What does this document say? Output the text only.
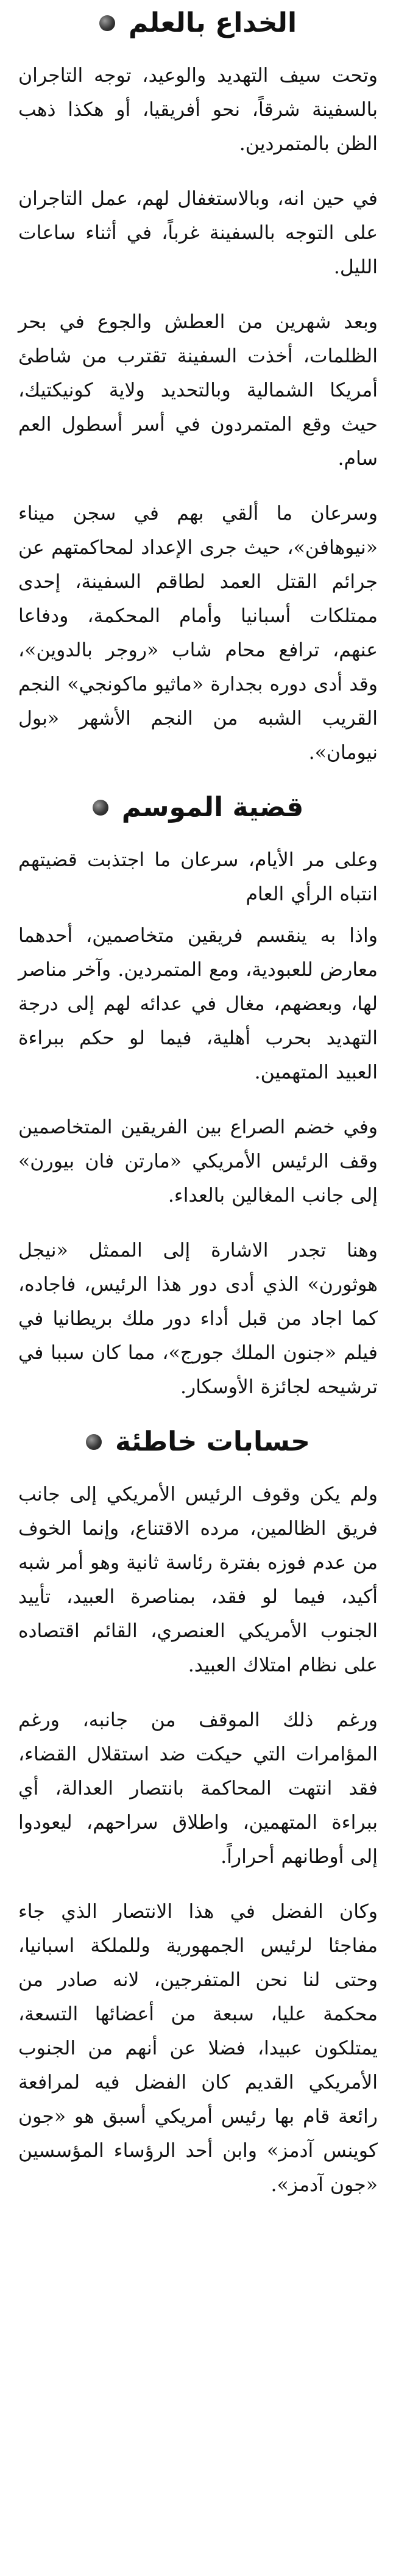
الخداع بالعلم

وتحت سيف التهديد والوعيد، توجه التاجران بالسفينة شرقاً، نحو أفريقيا، أو هكذا ذهب الظن بالمتمردين.

في حين انه، وبالاستغفال لهم، عمل التاجران على التوجه بالسفينة غرباً، في أثناء ساعات الليل.

وبعد شهرين من العطش والجوع في بحر الظلمات، أخذت السفينة تقترب من شاطئ أمريكا الشمالية وبالتحديد ولاية كونيكتيك، حيث وقع المتمردون في أسر أسطول العم سام.

وسرعان ما ألقي بهم في سجن ميناء «نيوهافن»، حيث جرى الإعداد لمحاكمتهم عن جرائم القتل العمد لطاقم السفينة، إحدى ممتلكات أسبانيا وأمام المحكمة، ودفاعا عنهم، ترافع محام شاب «روجر بالدوين»، وقد أدى دوره بجدارة «ماثيو ماكونجي» النجم القريب الشبه من النجم الأشهر «بول نيومان».

قضية الموسم

وعلى مر الأيام، سرعان ما اجتذبت قضيتهم انتباه الرأي العام

واذا به ينقسم فريقين متخاصمين، أحدهما معارض للعبودية، ومع المتمردين. وآخر مناصر لها، وبعضهم، مغال في عدائه لهم إلى درجة التهديد بحرب أهلية، فيما لو حكم ببراءة العبيد المتهمين.

وفي خضم الصراع بين الفريقين المتخاصمين وقف الرئيس الأمريكي «مارتن فان بيورن» إلى جانب المغالين بالعداء.

وهنا تجدر الاشارة إلى الممثل «نيجل هوثورن» الذي أدى دور هذا الرئيس، فاجاده، كما اجاد من قبل أداء دور ملك بريطانيا في فيلم «جنون الملك جورج»، مما كان سببا في ترشيحه لجائزة الأوسكار.

حسابات خاطئة

ولم يكن وقوف الرئيس الأمريكي إلى جانب فريق الظالمين، مرده الاقتناع، وإنما الخوف من عدم فوزه بفترة رئاسة ثانية وهو أمر شبه أكيد، فيما لو فقد، بمناصرة العبيد، تأييد الجنوب الأمريكي العنصري، القائم اقتصاده على نظام امتلاك العبيد.

ورغم ذلك الموقف من جانبه، ورغم المؤامرات التي حيكت ضد استقلال القضاء، فقد انتهت المحاكمة بانتصار العدالة، أي ببراءة المتهمين، واطلاق سراحهم، ليعودوا إلى أوطانهم أحراراً.

وكان الفضل في هذا الانتصار الذي جاء مفاجئا لرئيس الجمهورية وللملكة اسبانيا، وحتى لنا نحن المتفرجين، لانه صادر من محكمة عليا، سبعة من أعضائها التسعة، يمتلكون عبيدا، فضلا عن أنهم من الجنوب الأمريكي القديم كان الفضل فيه لمرافعة رائعة قام بها رئيس أمريكي أسبق هو «جون كوينس آدمز» وابن أحد الرؤساء المؤسسين «جون آدمز».
